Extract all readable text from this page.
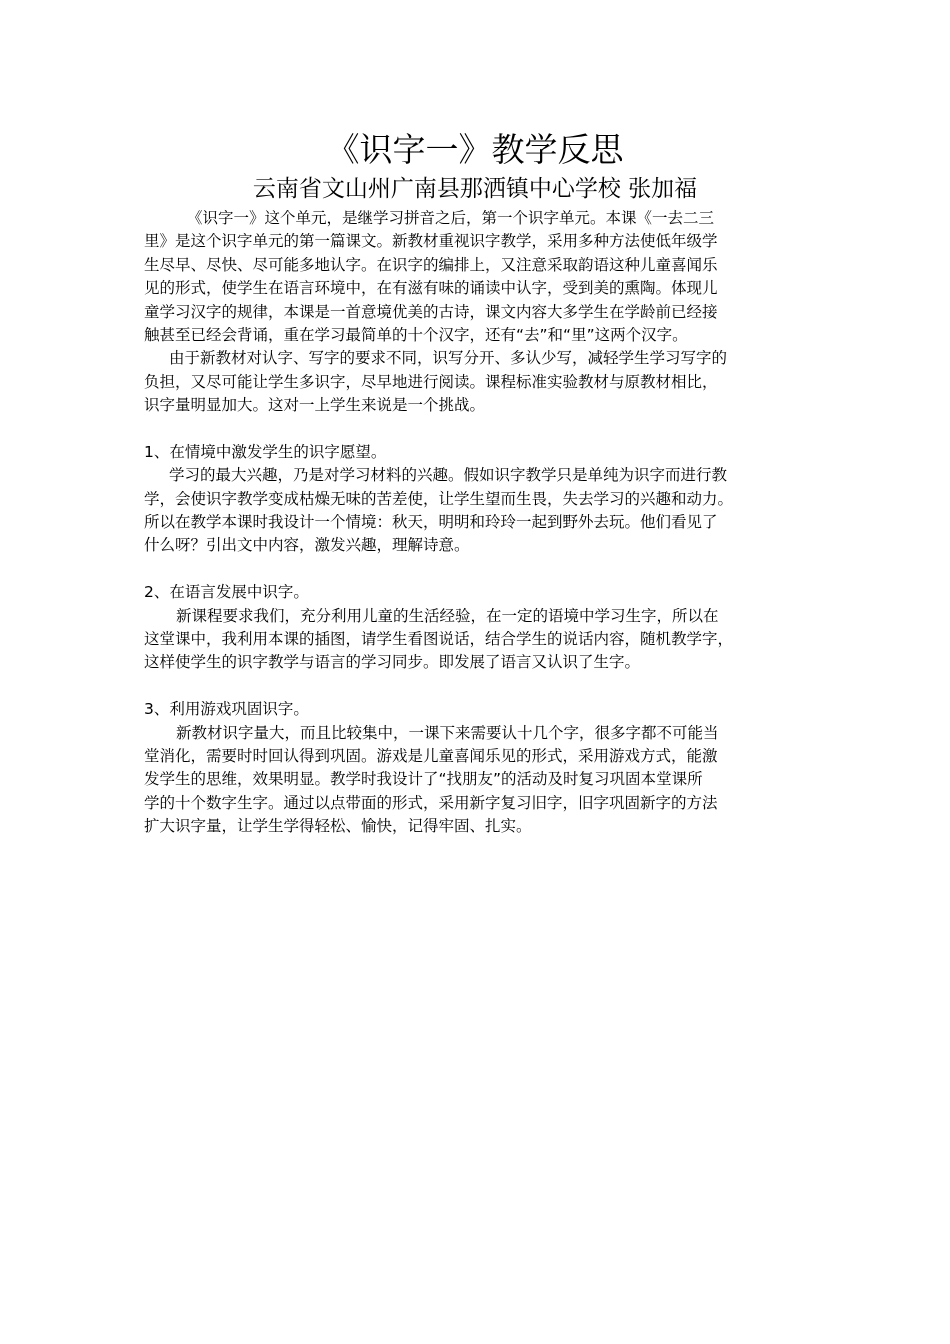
《识字一》教学反思
云南省文山州广南县那洒镇中心学校 张加福
《识字一》这个单元，是继学习拼音之后，第一个识字单元。本课《一去二三
里》是这个识字单元的第一篇课文。新教材重视识字教学，采用多种方法使低年级学
生尽早、尽快、尽可能多地认字。在识字的编排上，又注意采取韵语这种儿童喜闻乐
见的形式，使学生在语言环境中，在有滋有味的诵读中认字，受到美的熏陶。体现儿
童学习汉字的规律，本课是一首意境优美的古诗，课文内容大多学生在学龄前已经接
触甚至已经会背诵，重在学习最简单的十个汉字，还有“去”和“里”这两个汉字。
由于新教材对认字、写字的要求不同，识写分开、多认少写，减轻学生学习写字的
负担，又尽可能让学生多识字，尽早地进行阅读。课程标准实验教材与原教材相比，
识字量明显加大。这对一上学生来说是一个挑战。
1、在情境中激发学生的识字愿望。
学习的最大兴趣，乃是对学习材料的兴趣。假如识字教学只是单纯为识字而进行教
学，会使识字教学变成枯燥无味的苦差使，让学生望而生畏，失去学习的兴趣和动力。
所以在教学本课时我设计一个情境：秋天，明明和玲玲一起到野外去玩。他们看见了
什么呀？引出文中内容，激发兴趣，理解诗意。
2、在语言发展中识字。
新课程要求我们，充分利用儿童的生活经验，在一定的语境中学习生字，所以在
这堂课中，我利用本课的插图，请学生看图说话，结合学生的说话内容，随机教学字，
这样使学生的识字教学与语言的学习同步。即发展了语言又认识了生字。
3、利用游戏巩固识字。
新教材识字量大，而且比较集中，一课下来需要认十几个字，很多字都不可能当
堂消化，需要时时回认得到巩固。游戏是儿童喜闻乐见的形式，采用游戏方式，能激
发学生的思维，效果明显。教学时我设计了“找朋友”的活动及时复习巩固本堂课所
学的十个数字生字。通过以点带面的形式，采用新字复习旧字，旧字巩固新字的方法
扩大识字量，让学生学得轻松、愉快，记得牢固、扎实。
